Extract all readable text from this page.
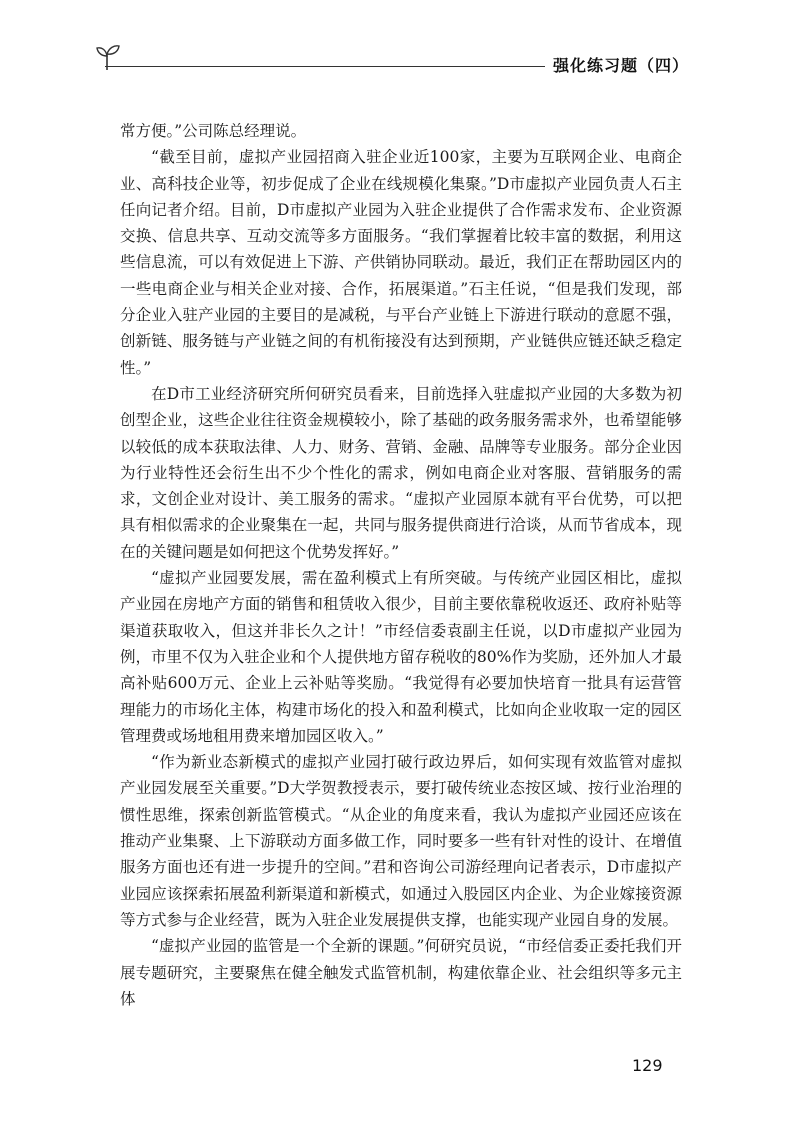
强化练习题（四）

常方便。”公司陈总经理说。

“截至目前，虚拟产业园招商入驻企业近100家，主要为互联网企业、电商企业、高科技企业等，初步促成了企业在线规模化集聚。”D市虚拟产业园负责人石主任向记者介绍。目前，D市虚拟产业园为入驻企业提供了合作需求发布、企业资源交换、信息共享、互动交流等多方面服务。“我们掌握着比较丰富的数据，利用这些信息流，可以有效促进上下游、产供销协同联动。最近，我们正在帮助园区内的一些电商企业与相关企业对接、合作，拓展渠道。”石主任说，“但是我们发现，部分企业入驻产业园的主要目的是减税，与平台产业链上下游进行联动的意愿不强，创新链、服务链与产业链之间的有机衔接没有达到预期，产业链供应链还缺乏稳定性。”

在D市工业经济研究所何研究员看来，目前选择入驻虚拟产业园的大多数为初创型企业，这些企业往往资金规模较小，除了基础的政务服务需求外，也希望能够以较低的成本获取法律、人力、财务、营销、金融、品牌等专业服务。部分企业因为行业特性还会衍生出不少个性化的需求，例如电商企业对客服、营销服务的需求，文创企业对设计、美工服务的需求。“虚拟产业园原本就有平台优势，可以把具有相似需求的企业聚集在一起，共同与服务提供商进行洽谈，从而节省成本，现在的关键问题是如何把这个优势发挥好。”

“虚拟产业园要发展，需在盈利模式上有所突破。与传统产业园区相比，虚拟产业园在房地产方面的销售和租赁收入很少，目前主要依靠税收返还、政府补贴等渠道获取收入，但这并非长久之计！”市经信委袁副主任说，以D市虚拟产业园为例，市里不仅为入驻企业和个人提供地方留存税收的80%作为奖励，还外加人才最高补贴600万元、企业上云补贴等奖励。“我觉得有必要加快培育一批具有运营管理能力的市场化主体，构建市场化的投入和盈利模式，比如向企业收取一定的园区管理费或场地租用费来增加园区收入。”

“作为新业态新模式的虚拟产业园打破行政边界后，如何实现有效监管对虚拟产业园发展至关重要。”D大学贺教授表示，要打破传统业态按区域、按行业治理的惯性思维，探索创新监管模式。“从企业的角度来看，我认为虚拟产业园还应该在推动产业集聚、上下游联动方面多做工作，同时要多一些有针对性的设计、在增值服务方面也还有进一步提升的空间。”君和咨询公司游经理向记者表示，D市虚拟产业园应该探索拓展盈利新渠道和新模式，如通过入股园区内企业、为企业嫁接资源等方式参与企业经营，既为入驻企业发展提供支撑，也能实现产业园自身的发展。

“虚拟产业园的监管是一个全新的课题。”何研究员说，“市经信委正委托我们开展专题研究，主要聚焦在健全触发式监管机制，构建依靠企业、社会组织等多元主体

129
